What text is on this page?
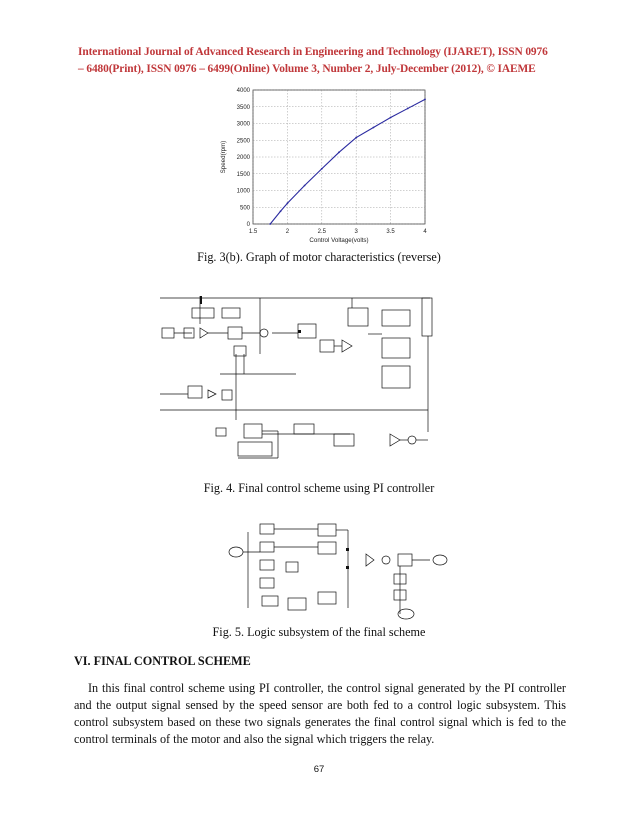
International Journal of Advanced Research in Engineering and Technology (IJARET), ISSN 0976
– 6480(Print), ISSN 0976 – 6499(Online) Volume 3, Number 2, July-December (2012), © IAEME
1.5	2	2.5	3	3.5	4
0
500
1000
1500
2000
2500
3000
3500
4000
Control Voltage(volts)
Speed(rpm)
Fig. 3(b). Graph of motor characteristics (reverse)
Fig. 4. Final control scheme using PI controller
Fig. 5. Logic subsystem of the final scheme
VI. FINAL CONTROL SCHEME
In this final control scheme using PI controller, the control signal generated by the PI controller and the output signal sensed by the speed sensor are both fed to a control logic subsystem. This control subsystem based on these two signals generates the final control signal which is fed to the control terminals of the motor and also the signal which triggers the relay.
67
